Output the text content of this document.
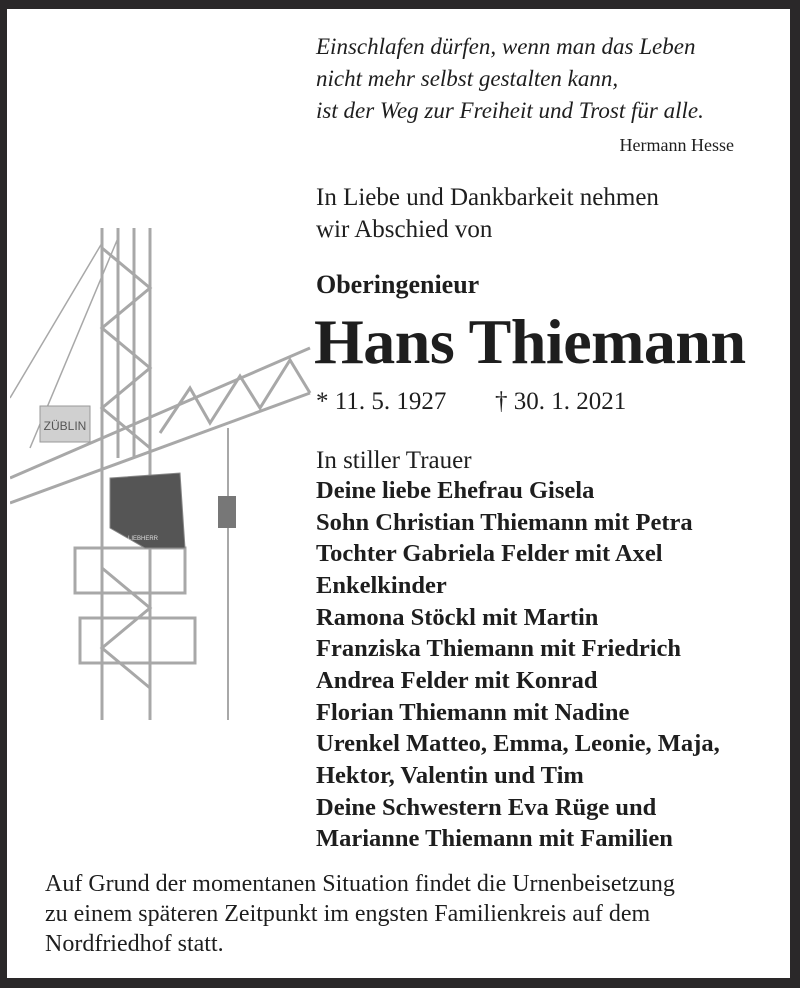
ZÜBLIN
LIEBHERR
Einschlafen dürfen, wenn man das Leben
nicht mehr selbst gestalten kann,
ist der Weg zur Freiheit und Trost für alle.
Hermann Hesse
In Liebe und Dankbarkeit nehmen
wir Abschied von
Oberingenieur
Hans Thiemann
* 11. 5. 1927 † 30. 1. 2021
In stiller Trauer
Deine liebe Ehefrau Gisela
Sohn Christian Thiemann mit Petra
Tochter Gabriela Felder mit Axel
Enkelkinder
Ramona Stöckl mit Martin
Franziska Thiemann mit Friedrich
Andrea Felder mit Konrad
Florian Thiemann mit Nadine
Urenkel Matteo, Emma, Leonie, Maja,
Hektor, Valentin und Tim
Deine Schwestern Eva Rüge und
Marianne Thiemann mit Familien
Auf Grund der momentanen Situation findet die Urnenbeisetzung
zu einem späteren Zeitpunkt im engsten Familienkreis auf dem
Nordfriedhof statt.
